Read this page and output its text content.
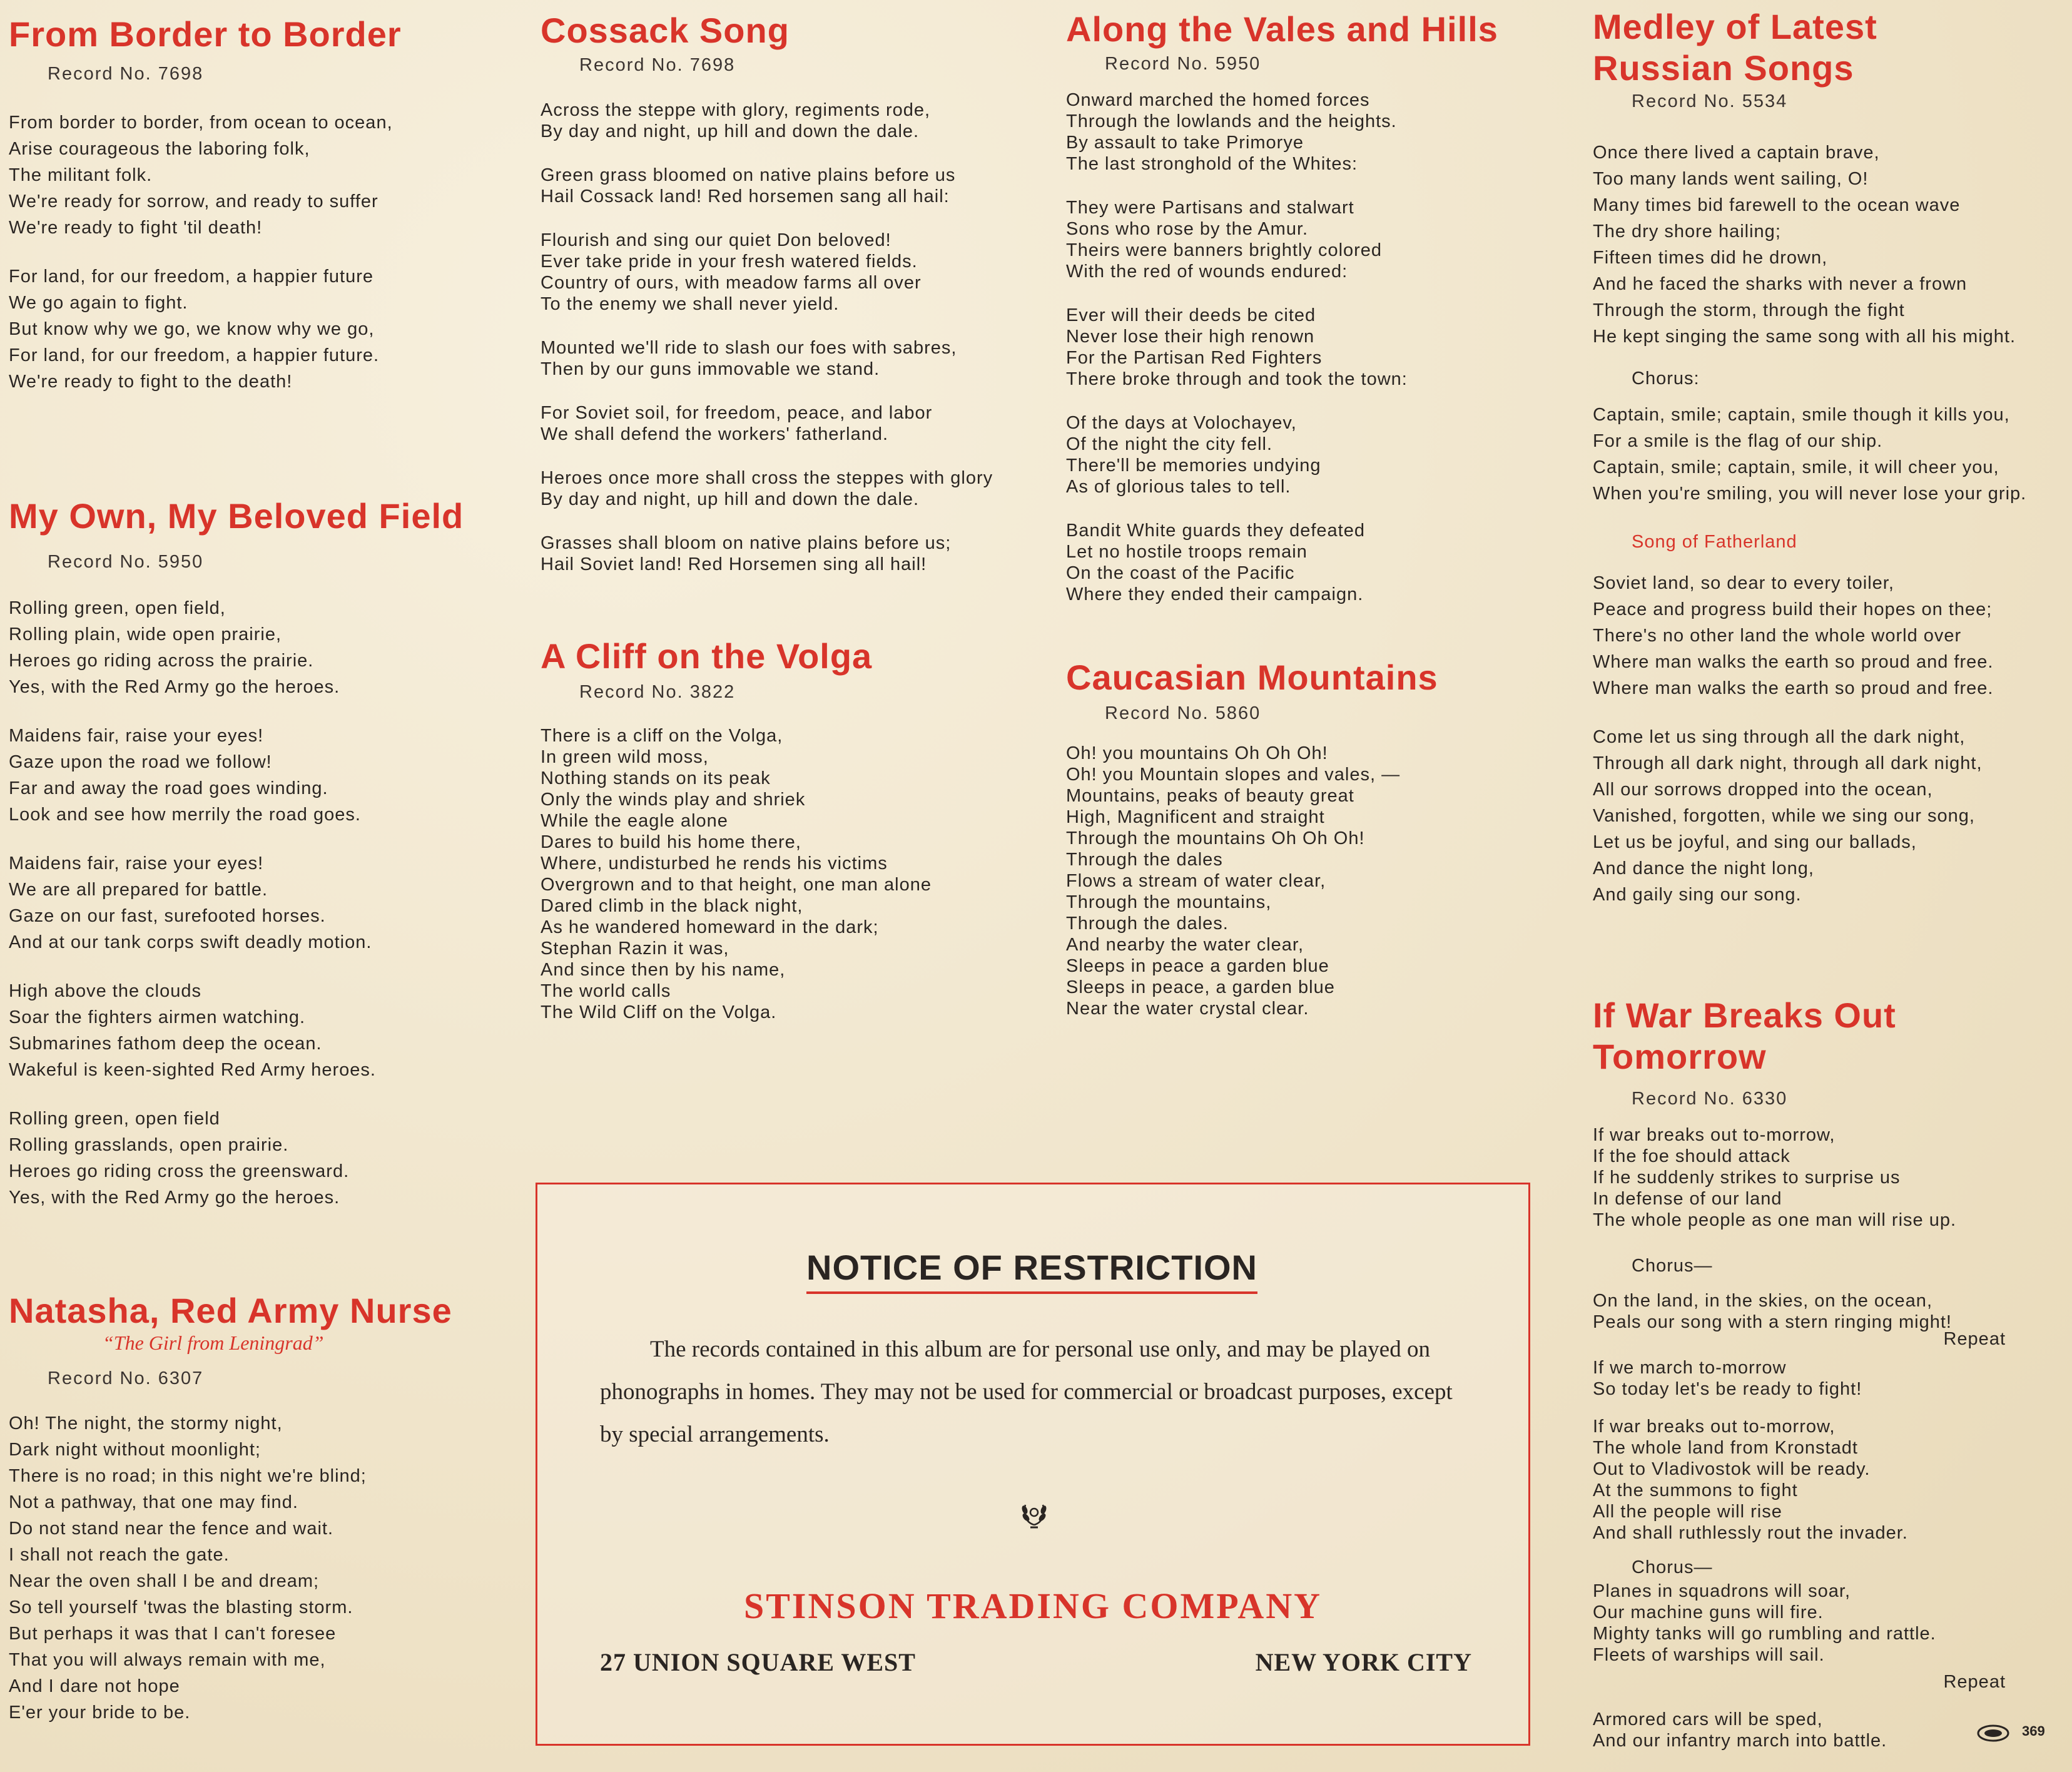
From Border to Border

Record No. 7698

From border to border, from ocean to ocean,
Arise courageous the laboring folk,
The militant folk.
We're ready for sorrow, and ready to suffer
We're ready to fight 'til death!
For land, for our freedom, a happier future
We go again to fight.
But know why we go, we know why we go,
For land, for our freedom, a happier future.
We're ready to fight to the death!
My Own, My Beloved Field

Record No. 5950

Rolling green, open field,
Rolling plain, wide open prairie,
Heroes go riding across the prairie.
Yes, with the Red Army go the heroes.
Maidens fair, raise your eyes!
Gaze upon the road we follow!
Far and away the road goes winding.
Look and see how merrily the road goes.
Maidens fair, raise your eyes!
We are all prepared for battle.
Gaze on our fast, surefooted horses.
And at our tank corps swift deadly motion.
High above the clouds
Soar the fighters airmen watching.
Submarines fathom deep the ocean.
Wakeful is keen-sighted Red Army heroes.
Rolling green, open field
Rolling grasslands, open prairie.
Heroes go riding cross the greensward.
Yes, with the Red Army go the heroes.
Natasha, Red Army Nurse

“The Girl from Leningrad”

Record No. 6307

Oh! The night, the stormy night,
Dark night without moonlight;
There is no road; in this night we're blind;
Not a pathway, that one may find.
Do not stand near the fence and wait.
I shall not reach the gate.
Near the oven shall I be and dream;
So tell yourself 'twas the blasting storm.
But perhaps it was that I can't foresee
That you will always remain with me,
And I dare not hope
E'er your bride to be.
Cossack Song

Record No. 7698

Across the steppe with glory, regiments rode,
By day and night, up hill and down the dale.
Green grass bloomed on native plains before us
Hail Cossack land! Red horsemen sang all hail:
Flourish and sing our quiet Don beloved!
Ever take pride in your fresh watered fields.
Country of ours, with meadow farms all over
To the enemy we shall never yield.
Mounted we'll ride to slash our foes with sabres,
Then by our guns immovable we stand.
For Soviet soil, for freedom, peace, and labor
We shall defend the workers' fatherland.
Heroes once more shall cross the steppes with glory
By day and night, up hill and down the dale.
Grasses shall bloom on native plains before us;
Hail Soviet land! Red Horsemen sing all hail!
A Cliff on the Volga

Record No. 3822

There is a cliff on the Volga,
In green wild moss,
Nothing stands on its peak
Only the winds play and shriek
While the eagle alone
Dares to build his home there,
Where, undisturbed he rends his victims
Overgrown and to that height, one man alone
Dared climb in the black night,
As he wandered homeward in the dark;
Stephan Razin it was,
And since then by his name,
The world calls
The Wild Cliff on the Volga.
Along the Vales and Hills

Record No. 5950

Onward marched the homed forces
Through the lowlands and the heights.
By assault to take Primorye
The last stronghold of the Whites:
They were Partisans and stalwart
Sons who rose by the Amur.
Theirs were banners brightly colored
With the red of wounds endured:
Ever will their deeds be cited
Never lose their high renown
For the Partisan Red Fighters
There broke through and took the town:
Of the days at Volochayev,
Of the night the city fell.
There'll be memories undying
As of glorious tales to tell.
Bandit White guards they defeated
Let no hostile troops remain
On the coast of the Pacific
Where they ended their campaign.
Caucasian Mountains

Record No. 5860

Oh! you mountains Oh Oh Oh!
Oh! you Mountain slopes and vales, —
Mountains, peaks of beauty great
High, Magnificent and straight
Through the mountains Oh Oh Oh!
Through the dales
Flows a stream of water clear,
Through the mountains,
Through the dales.
And nearby the water clear,
Sleeps in peace a garden blue
Sleeps in peace, a garden blue
Near the water crystal clear.
Medley of Latest Russian Songs

Record No. 5534

Once there lived a captain brave,
Too many lands went sailing, O!
Many times bid farewell to the ocean wave
The dry shore hailing;
Fifteen times did he drown,
And he faced the sharks with never a frown
Through the storm, through the fight
He kept singing the same song with all his might.

Chorus:

Captain, smile; captain, smile though it kills you,
For a smile is the flag of our ship.
Captain, smile; captain, smile, it will cheer you,
When you're smiling, you will never lose your grip.

Song of Fatherland

Soviet land, so dear to every toiler,
Peace and progress build their hopes on thee;
There's no other land the whole world over
Where man walks the earth so proud and free.
Where man walks the earth so proud and free.
Come let us sing through all the dark night,
Through all dark night, through all dark night,
All our sorrows dropped into the ocean,
Vanished, forgotten, while we sing our song,
Let us be joyful, and sing our ballads,
And dance the night long,
And gaily sing our song.
If War Breaks Out Tomorrow

Record No. 6330

If war breaks out to-morrow,
If the foe should attack
If he suddenly strikes to surprise us
In defense of our land
The whole people as one man will rise up.

Chorus—

On the land, in the skies, on the ocean,
Peals our song with a stern ringing might!
Repeat
If we march to-morrow
So today let's be ready to fight!
If war breaks out to-morrow,
The whole land from Kronstadt
Out to Vladivostok will be ready.
At the summons to fight
All the people will rise
And shall ruthlessly rout the invader.

Chorus—

Planes in squadrons will soar,
Our machine guns will fire.
Mighty tanks will go rumbling and rattle.
Fleets of warships will sail.
Repeat
Armored cars will be sped,
And our infantry march into battle.
NOTICE OF RESTRICTION
The records contained in this album are for personal use only, and may be played on phonographs in homes. They may not be used for commercial or broadcast purposes, except by special arrangements.
STINSON TRADING COMPANY
27 UNION SQUARE WEST	NEW YORK CITY
369
